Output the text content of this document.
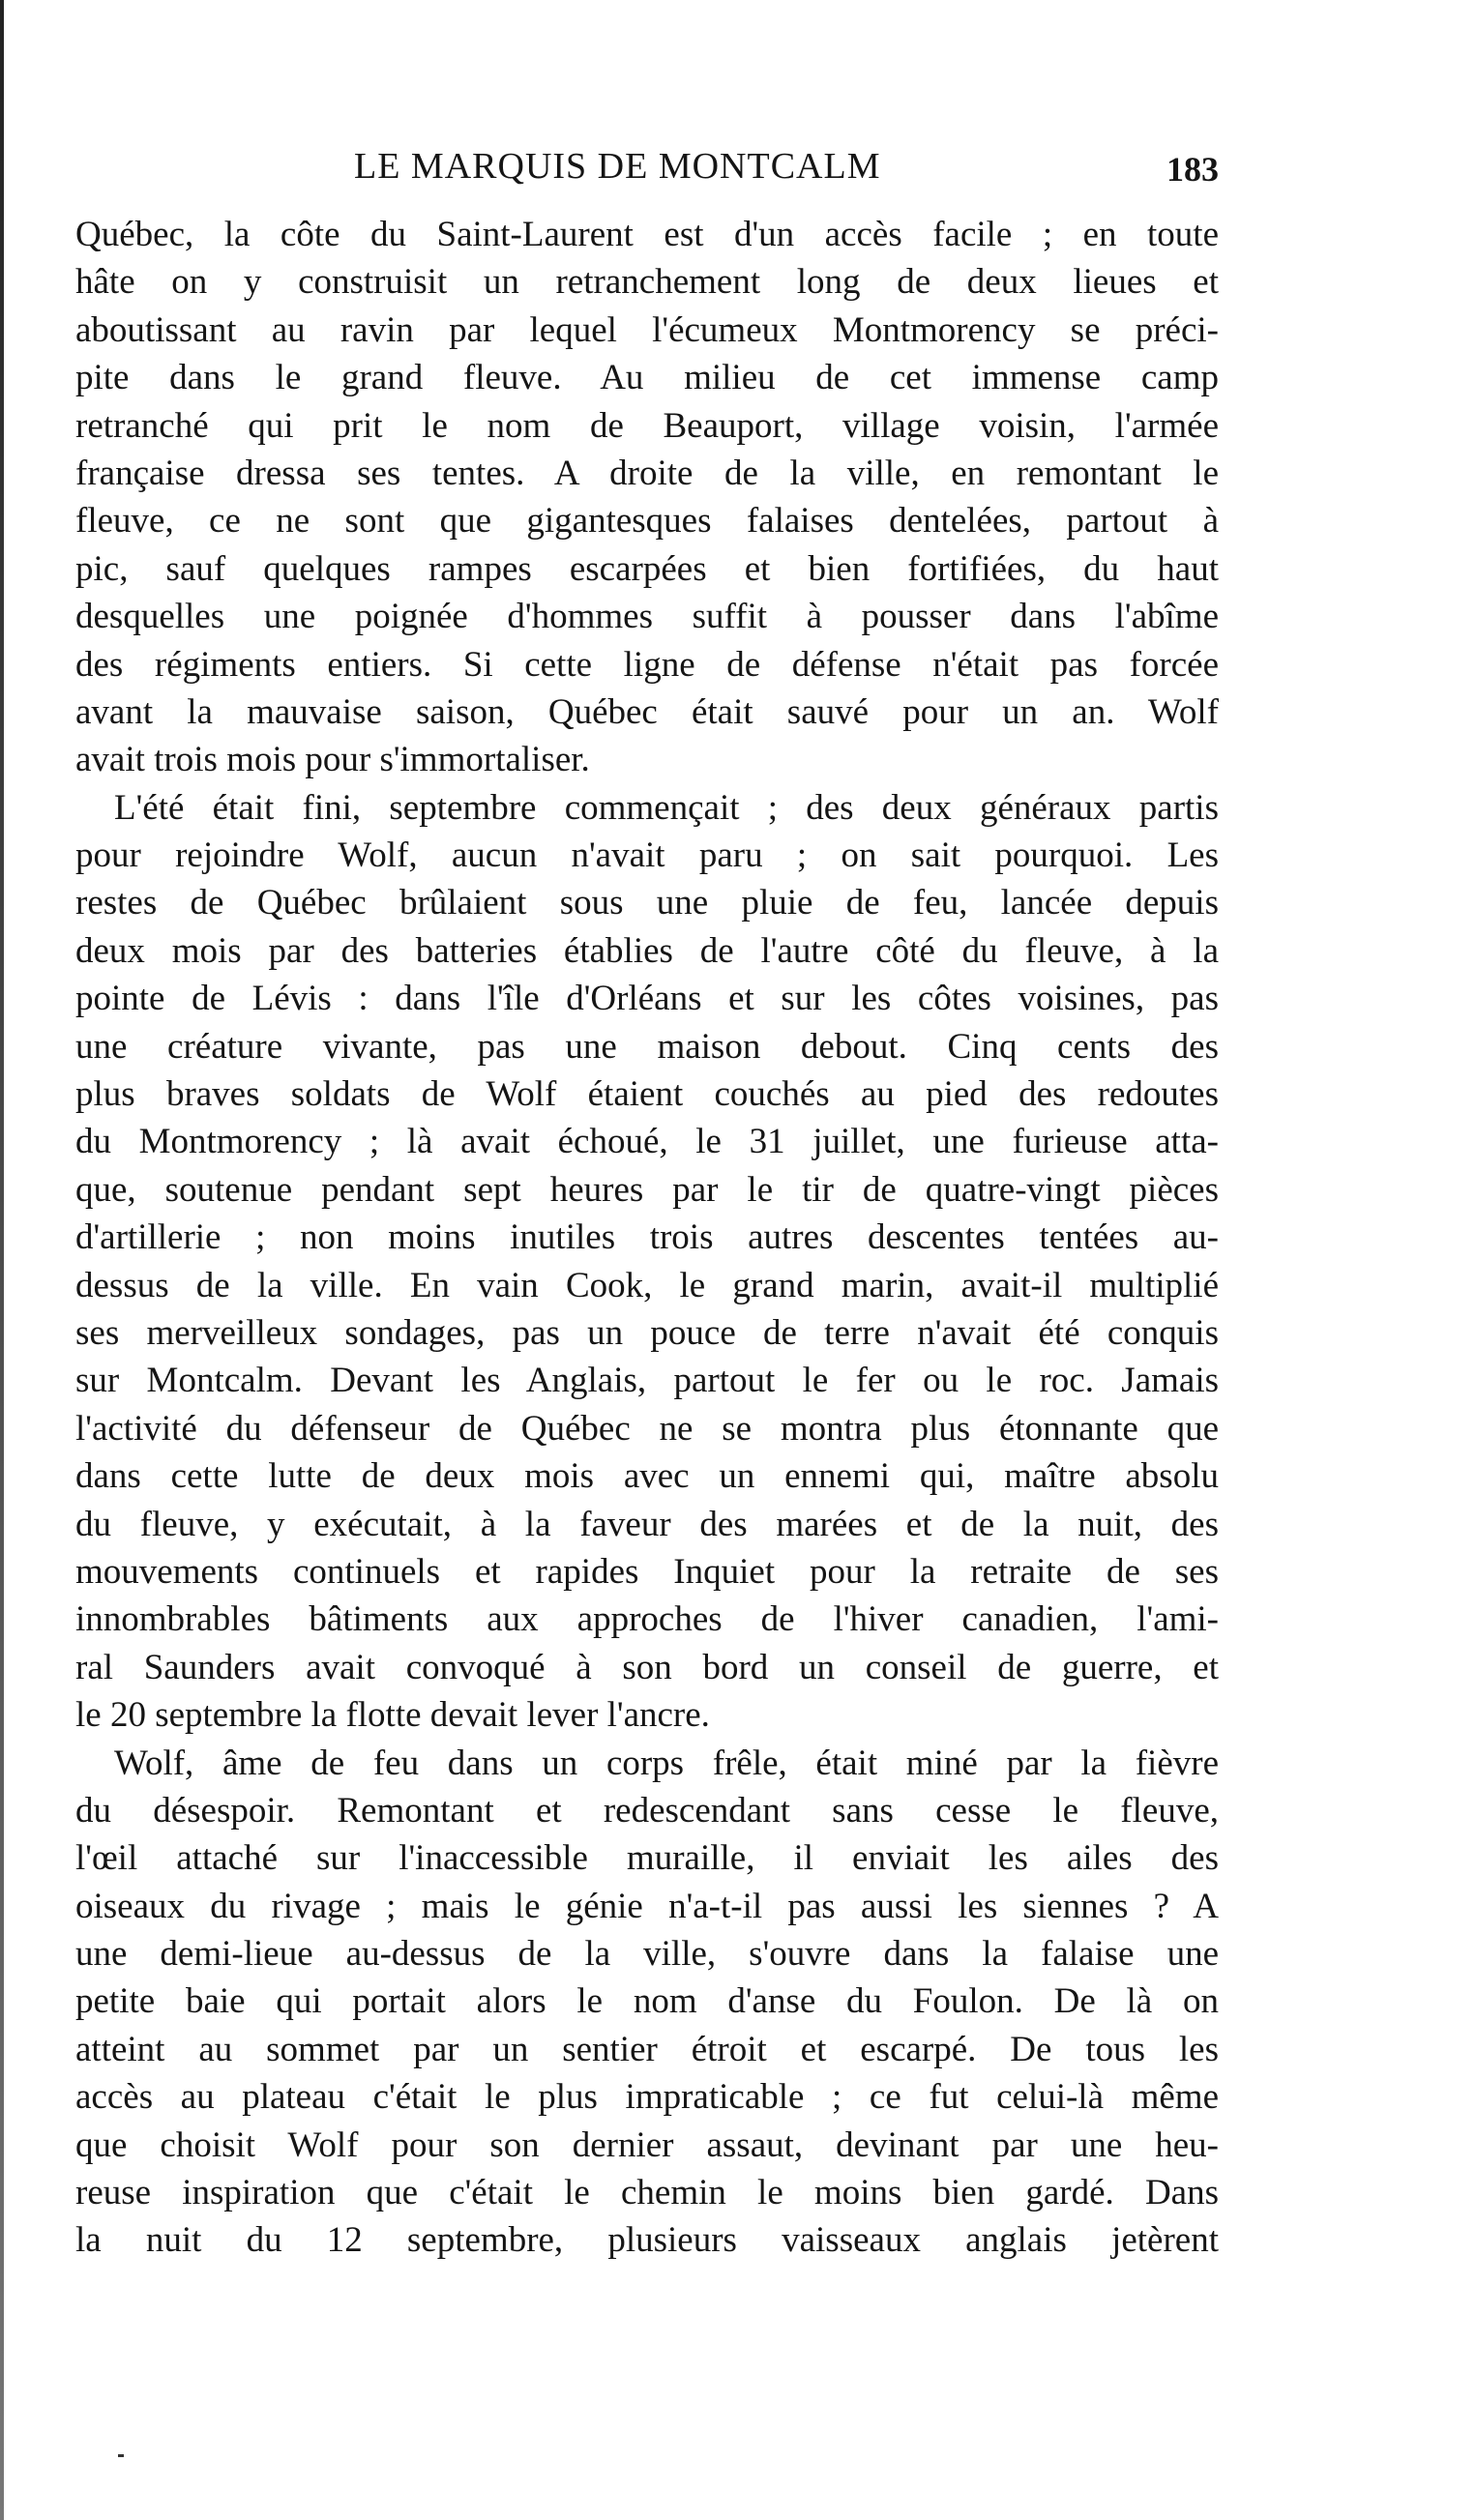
LE MARQUIS DE MONTCALM	183
Québec, la côte du Saint-Laurent est d'un accès facile ; en toute
hâte on y construisit un retranchement long de deux lieues et
aboutissant au ravin par lequel l'écumeux Montmorency se préci-
pite dans le grand fleuve. Au milieu de cet immense camp
retranché qui prit le nom de Beauport, village voisin, l'armée
française dressa ses tentes. A droite de la ville, en remontant le
fleuve, ce ne sont que gigantesques falaises dentelées, partout à
pic, sauf quelques rampes escarpées et bien fortifiées, du haut
desquelles une poignée d'hommes suffit à pousser dans l'abîme
des régiments entiers. Si cette ligne de défense n'était pas forcée
avant la mauvaise saison, Québec était sauvé pour un an. Wolf
avait trois mois pour s'immortaliser.
L'été était fini, septembre commençait ; des deux généraux partis
pour rejoindre Wolf, aucun n'avait paru ; on sait pourquoi. Les
restes de Québec brûlaient sous une pluie de feu, lancée depuis
deux mois par des batteries établies de l'autre côté du fleuve, à la
pointe de Lévis : dans l'île d'Orléans et sur les côtes voisines, pas
une créature vivante, pas une maison debout. Cinq cents des
plus braves soldats de Wolf étaient couchés au pied des redoutes
du Montmorency ; là avait échoué, le 31 juillet, une furieuse atta-
que, soutenue pendant sept heures par le tir de quatre-vingt pièces
d'artillerie ; non moins inutiles trois autres descentes tentées au-
dessus de la ville. En vain Cook, le grand marin, avait-il multiplié
ses merveilleux sondages, pas un pouce de terre n'avait été conquis
sur Montcalm. Devant les Anglais, partout le fer ou le roc. Jamais
l'activité du défenseur de Québec ne se montra plus étonnante que
dans cette lutte de deux mois avec un ennemi qui, maître absolu
du fleuve, y exécutait, à la faveur des marées et de la nuit, des
mouvements continuels et rapides Inquiet pour la retraite de ses
innombrables bâtiments aux approches de l'hiver canadien, l'ami-
ral Saunders avait convoqué à son bord un conseil de guerre, et
le 20 septembre la flotte devait lever l'ancre.
Wolf, âme de feu dans un corps frêle, était miné par la fièvre
du désespoir. Remontant et redescendant sans cesse le fleuve,
l'œil attaché sur l'inaccessible muraille, il enviait les ailes des
oiseaux du rivage ; mais le génie n'a-t-il pas aussi les siennes ? A
une demi-lieue au-dessus de la ville, s'ouvre dans la falaise une
petite baie qui portait alors le nom d'anse du Foulon. De là on
atteint au sommet par un sentier étroit et escarpé. De tous les
accès au plateau c'était le plus impraticable ; ce fut celui-là même
que choisit Wolf pour son dernier assaut, devinant par une heu-
reuse inspiration que c'était le chemin le moins bien gardé. Dans
la nuit du 12 septembre, plusieurs vaisseaux anglais jetèrent
